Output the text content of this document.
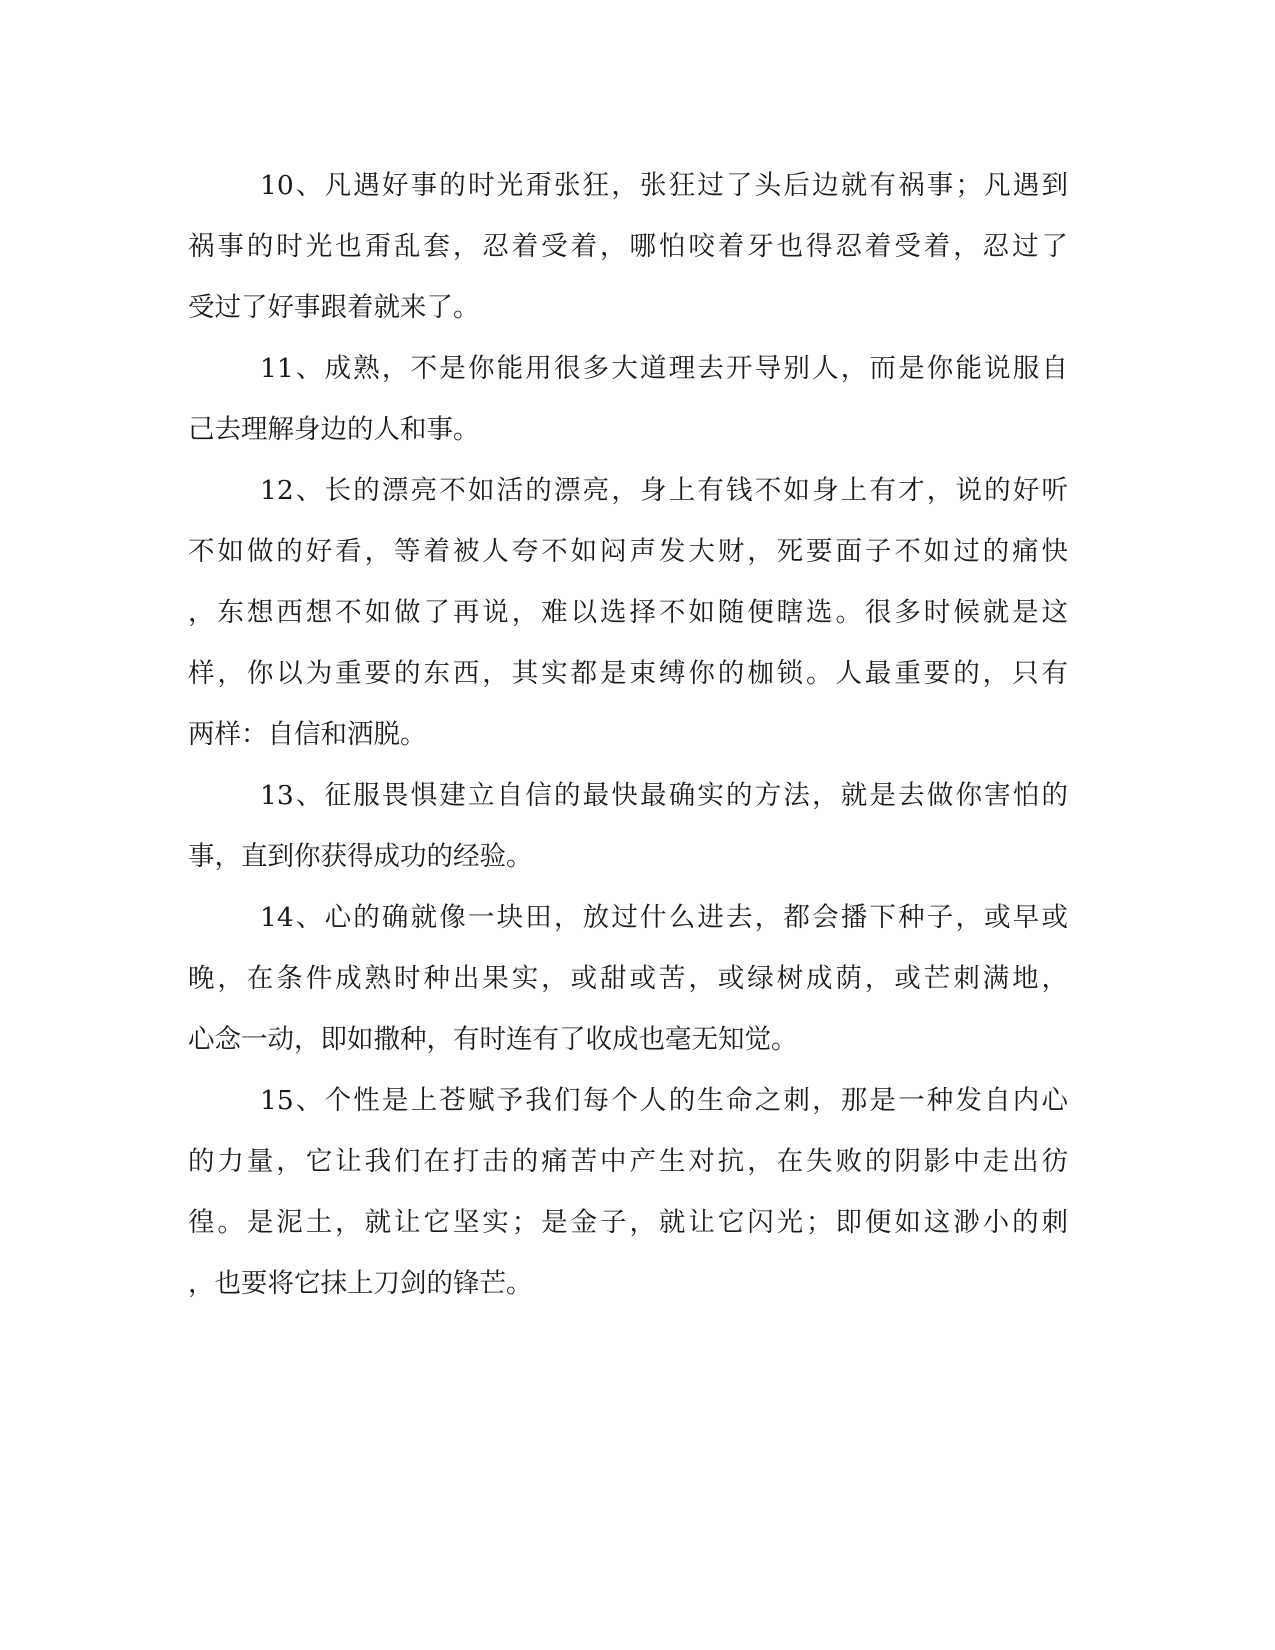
10、凡遇好事的时光甭张狂，张狂过了头后边就有祸事；凡遇到
祸事的时光也甭乱套，忍着受着，哪怕咬着牙也得忍着受着，忍过了
受过了好事跟着就来了。
11、成熟，不是你能用很多大道理去开导别人，而是你能说服自
己去理解身边的人和事。
12、长的漂亮不如活的漂亮，身上有钱不如身上有才，说的好听
不如做的好看，等着被人夸不如闷声发大财，死要面子不如过的痛快
，东想西想不如做了再说，难以选择不如随便瞎选。很多时候就是这
样，你以为重要的东西，其实都是束缚你的枷锁。人最重要的，只有
两样：自信和洒脱。
13、征服畏惧建立自信的最快最确实的方法，就是去做你害怕的
事，直到你获得成功的经验。
14、心的确就像一块田，放过什么进去，都会播下种子，或早或
晚，在条件成熟时种出果实，或甜或苦，或绿树成荫，或芒刺满地，
心念一动，即如撒种，有时连有了收成也毫无知觉。
15、个性是上苍赋予我们每个人的生命之刺，那是一种发自内心
的力量，它让我们在打击的痛苦中产生对抗，在失败的阴影中走出彷
徨。是泥土，就让它坚实；是金子，就让它闪光；即便如这渺小的刺
，也要将它抹上刀剑的锋芒。
